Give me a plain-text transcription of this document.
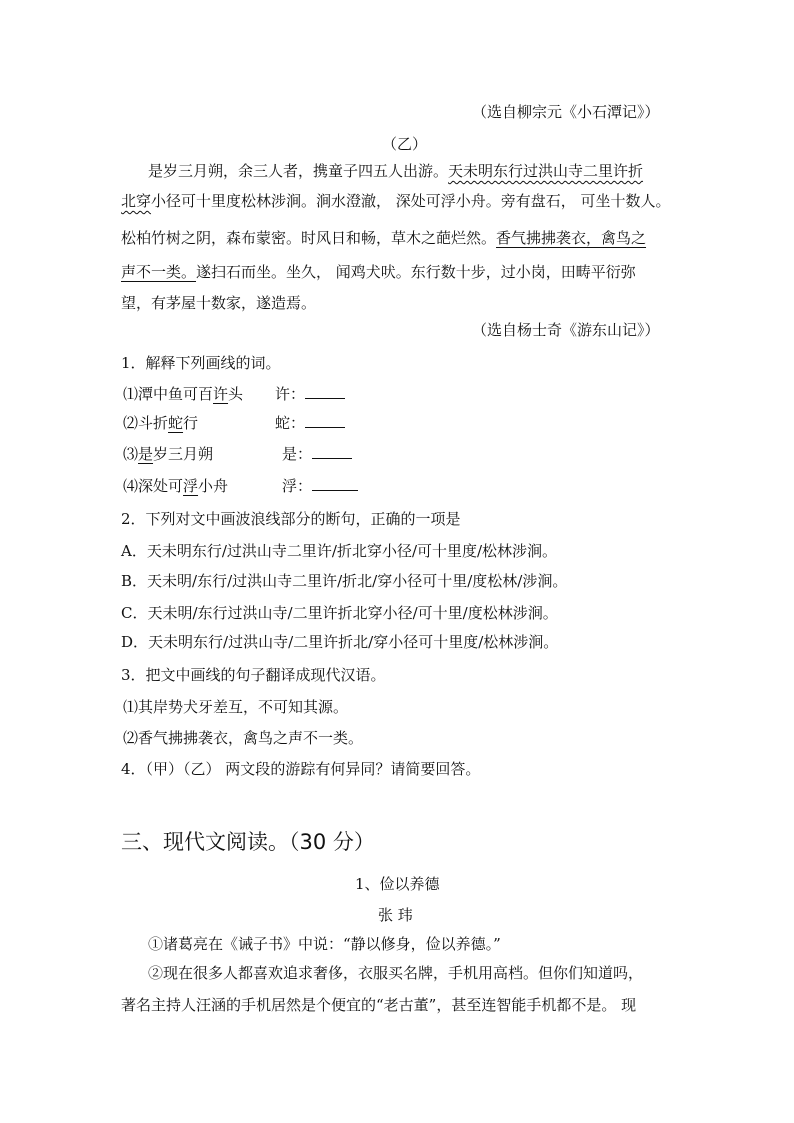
（选自柳宗元《小石潭记》）
（乙）
是岁三月朔，余三人者，携童子四五人出游。天未明东行过洪山寺二里许折
北穿小径可十里度松林涉涧。涧水澄澈， 深处可浮小舟。旁有盘石， 可坐十数人。
松柏竹树之阴，森布蒙密。时风日和畅，草木之葩烂然。香气拂拂袭衣，禽鸟之
声不一类。遂扫石而坐。坐久， 闻鸡犬吠。东行数十步，过小岗，田畴平衍弥
望，有茅屋十数家，遂造焉。
（选自杨士奇《游东山记》）
1．解释下列画线的词。
⑴潭中鱼可百许头 许：
⑵斗折蛇行	蛇：
⑶是岁三月朔	是：
⑷深处可浮小舟	浮：
2．下列对文中画波浪线部分的断句，正确的一项是
A．天未明东行/过洪山寺二里许/折北穿小径/可十里度/松林涉涧。
B．天未明/东行/过洪山寺二里许/折北/穿小径可十里/度松林/涉涧。
C．天未明/东行过洪山寺/二里许折北穿小径/可十里/度松林涉涧。
D．天未明东行/过洪山寺/二里许折北/穿小径可十里度/松林涉涧。
3．把文中画线的句子翻译成现代汉语。
⑴其岸势犬牙差互，不可知其源。
⑵香气拂拂袭衣，禽鸟之声不一类。
4．（甲）（乙） 两文段的游踪有何异同？请简要回答。
三、现代文阅读。（30 分）
1、俭以养德
张 玮
①诸葛亮在《诫子书》中说：“静以修身，俭以养德。”
②现在很多人都喜欢追求奢侈，衣服买名牌，手机用高档。但你们知道吗，
著名主持人汪涵的手机居然是个便宜的“老古董”，甚至连智能手机都不是。 现
